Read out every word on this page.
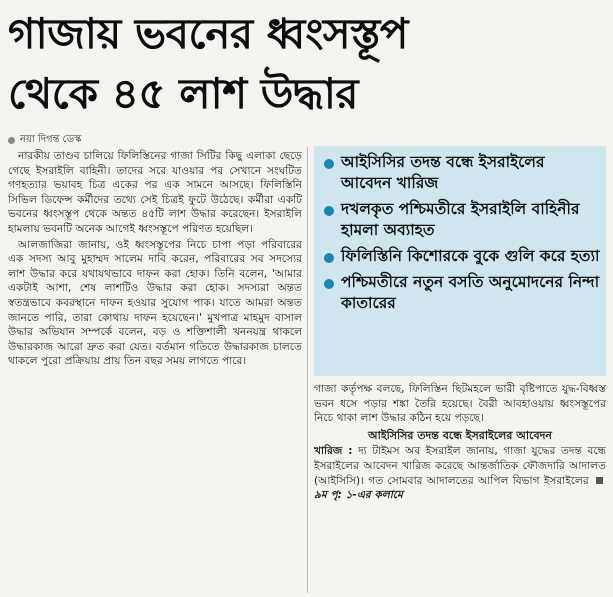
গাজায় ভবনের ধ্বংসস্তূপ
থেকে ৪৫ লাশ উদ্ধার
নয়া দিগন্ত ডেস্ক

নারকীয় তাণ্ডব চালিয়ে ফিলিস্তিনের গাজা সিটির কিছু এলাকা ছেড়ে গেছে ইসরাইলি বাহিনী। তাদের সরে যাওয়ার পর সেখানে সংঘটিত গণহত্যার ভয়াবহ চিত্র একের পর এক সামনে আসছে। ফিলিস্তিনি সিভিল ডিফেন্স কর্মীদের তথ্যে সেই চিত্রই ফুটে উঠেছে। কর্মীরা একটি ভবনের ধ্বংসস্তূপ থেকে অন্তত ৪৫টি লাশ উদ্ধার করেছেন। ইসরাইলি হামলায় ভবনটি অনেক আগেই ধ্বংসস্তূপে পরিণত হয়েছিল।

আলজাজিরা জানায়, ওই ধ্বংসস্তূপের নিচে চাপা পড়া পরিবারের এক সদস্য আবু মুহাম্মদ সালেম দাবি করেন, পরিবারের সব সদস্যের লাশ উদ্ধার করে যথাযথভাবে দাফন করা হোক। তিনি বলেন, 'আমার একটাই আশা, শেষ লাশটিও উদ্ধার করা হোক। সদস্যরা অন্তত স্বতন্ত্রভাবে কবরস্থানে দাফন হওয়ার সুযোগ পাক। যাতে আমরা অন্তত জানতে পারি, তারা কোথায় দাফন হয়েছেন।' মুখপাত্র মাহমুদ বাসাল উদ্ধার অভিযান সম্পর্কে বলেন, বড় ও শক্তিশালী খননযন্ত্র থাকলে উদ্ধারকাজ আরো দ্রুত করা যেত। বর্তমান গতিতে উদ্ধারকাজ চালতে থাকলে পুরো প্রক্রিয়ায় প্রায় তিন বছর সময় লাগতে পারে।

আইসিসির তদন্ত বন্ধে ইসরাইলের আবেদন খারিজ
দখলকৃত পশ্চিমতীরে ইসরাইলি বাহিনীর হামলা অব্যাহত
ফিলিস্তিনি কিশোরকে বুকে গুলি করে হত্যা
পশ্চিমতীরে নতুন বসতি অনুমোদনের নিন্দা কাতারের

গাজা কর্তৃপক্ষ বলছে, ফিলিস্তিন ছিটমহলে ভারী বৃষ্টিপাতে যুদ্ধ-বিধ্বস্ত ভবন ধসে পড়ার শঙ্কা তৈরি হয়েছে। বৈরী আবহাওয়ায় ধ্বংসস্তূপের নিচে থাকা লাশ উদ্ধার কঠিন হয়ে পড়ছে।

আইসিসির তদন্ত বন্ধে ইসরাইলের আবেদন

খারিজ : দ্য টাইমস অব ইসরাইল জানায়, গাজা যুদ্ধের তদন্ত বন্ধে ইসরাইলের আবেদন খারিজ করেছে আন্তর্জাতিক ফৌজদারি আদালত (আইসিসি)। গত সোমবার আদালতের আপিল বিভাগ ইসরাইলের ৯ম পৃ: ১-এর কলামে
